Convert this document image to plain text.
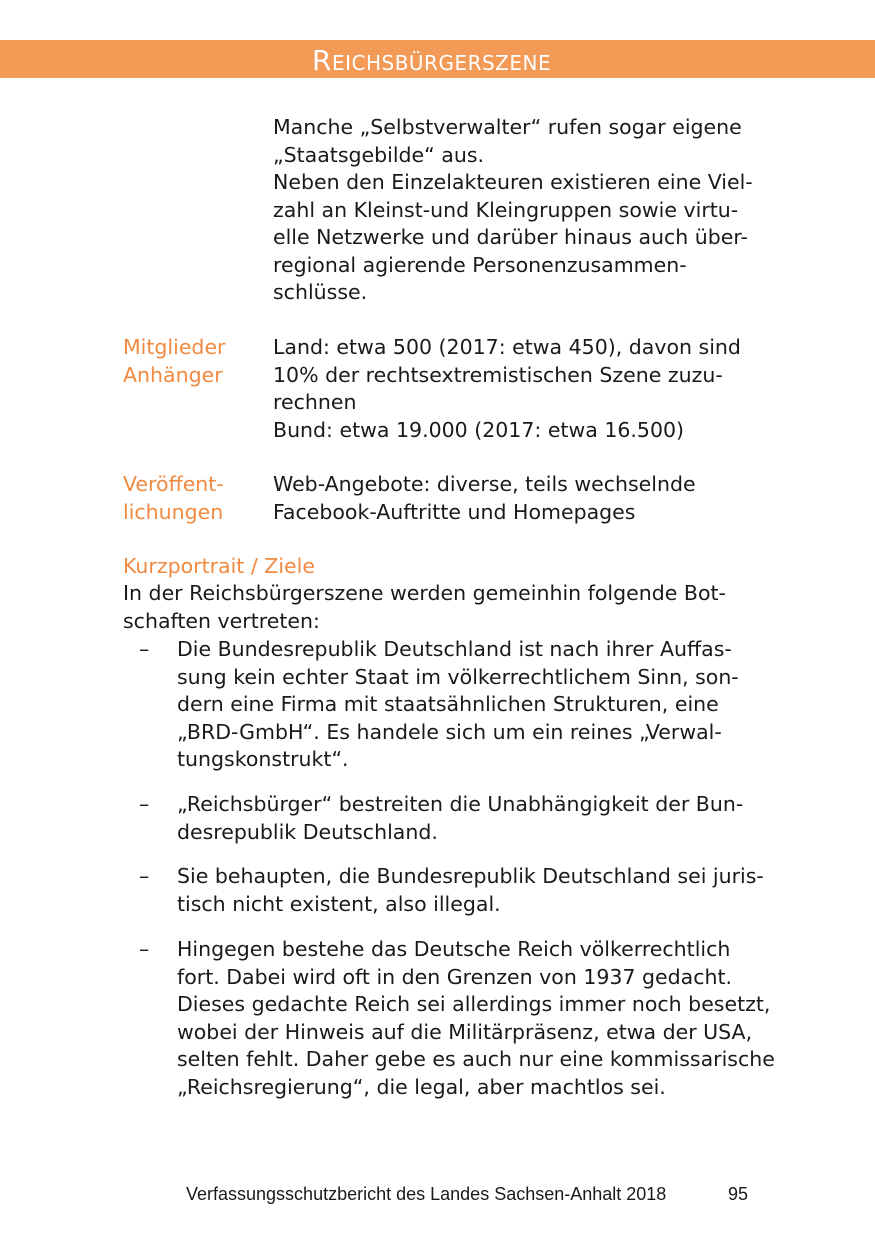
Reichsbürgerszene
Manche „Selbstverwalter“ rufen sogar eigene
„Staatsgebilde“ aus.
Neben den Einzelakteuren existieren eine Viel-
zahl an Kleinst-und Kleingruppen sowie virtu-
elle Netzwerke und darüber hinaus auch über-
regional agierende Personenzusammen-
schlüsse.
Mitglieder
Anhänger
Land: etwa 500 (2017: etwa 450), davon sind
10% der rechtsextremistischen Szene zuzu-
rechnen
Bund: etwa 19.000 (2017: etwa 16.500)
Veröffent-
lichungen
Web-Angebote: diverse, teils wechselnde
Facebook-Auftritte und Homepages
Kurzportrait / Ziele
In der Reichsbürgerszene werden gemeinhin folgende Bot-
schaften vertreten:
– Die Bundesrepublik Deutschland ist nach ihrer Auffas-
sung kein echter Staat im völkerrechtlichem Sinn, son-
dern eine Firma mit staatsähnlichen Strukturen, eine
„BRD-GmbH“. Es handele sich um ein reines „Verwal-
tungskonstrukt“.
– „Reichsbürger“ bestreiten die Unabhängigkeit der Bun-
desrepublik Deutschland.
– Sie behaupten, die Bundesrepublik Deutschland sei juris-
tisch nicht existent, also illegal.
– Hingegen bestehe das Deutsche Reich völkerrechtlich
fort. Dabei wird oft in den Grenzen von 1937 gedacht.
Dieses gedachte Reich sei allerdings immer noch besetzt,
wobei der Hinweis auf die Militärpräsenz, etwa der USA,
selten fehlt. Daher gebe es auch nur eine kommissarische
„Reichsregierung“, die legal, aber machtlos sei.
Verfassungsschutzbericht des Landes Sachsen-Anhalt 2018	95
